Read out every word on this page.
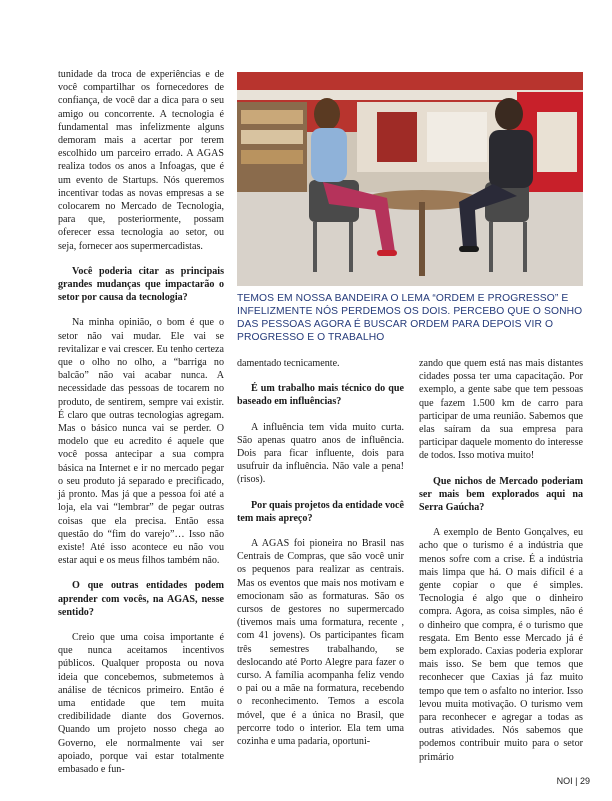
tunidade da troca de experiências e de você compartilhar os fornecedores de confiança, de você dar a dica para o seu amigo ou concorrente. A tecnologia é fundamental mas infelizmente alguns demoram mais a acertar por terem escolhido um parceiro errado. A AGAS realiza todos os anos a Infoagas, que é um evento de Startups. Nós queremos incentivar todas as novas empresas a se colocarem no Mercado de Tecnologia, para que, posteriormente, possam oferecer essa tecnologia ao setor, ou seja, fornecer aos supermercadistas.

Você poderia citar as principais grandes mudanças que impactarão o setor por causa da tecnologia?

Na minha opinião, o bom é que o setor não vai mudar. Ele vai se revitalizar e vai crescer. Eu tenho certeza que o olho no olho, a “barriga no balcão” não vai acabar nunca. A necessidade das pessoas de tocarem no produto, de sentirem, sempre vai existir. É claro que outras tecnologias agregam. Mas o básico nunca vai se perder. O modelo que eu acredito é aquele que você possa antecipar a sua compra básica na Internet e ir no mercado pegar o seu produto já separado e precificado, já pronto. Mas já que a pessoa foi até a loja, ela vai “lembrar” de pegar outras coisas que ela precisa. Então essa questão do “fim do varejo”… Isso não existe! Até isso acontece eu não vou estar aqui e os meus filhos também não.

O que outras entidades podem aprender com vocês, na AGAS, nesse sentido?

Creio que uma coisa importante é que nunca aceitamos incentivos públicos. Qualquer proposta ou nova ideia que concebemos, submetemos à análise de técnicos primeiro. Então é uma entidade que tem muita credibilidade diante dos Governos. Quando um projeto nosso chega ao Governo, ele normalmente vai ser apoiado, porque vai estar totalmente embasado e fun-

TEMOS EM NOSSA BANDEIRA O LEMA “ORDEM E PROGRESSO” E INFELIZMENTE NÓS PERDEMOS OS DOIS. PERCEBO QUE O SONHO DAS PESSOAS AGORA É BUSCAR ORDEM PARA DEPOIS VIR O PROGRESSO E O TRABALHO

damentado tecnicamente.

É um trabalho mais técnico do que baseado em influências?

A influência tem vida muito curta. São apenas quatro anos de influência. Dois para ficar influente, dois para usufruir da influência. Não vale a pena! (risos).

Por quais projetos da entidade você tem mais apreço?

A AGAS foi pioneira no Brasil nas Centrais de Compras, que são você unir os pequenos para realizar as centrais. Mas os eventos que mais nos motivam e emocionam são as formaturas. São os cursos de gestores no supermercado (tivemos mais uma formatura, recente , com 41 jovens). Os participantes ficam três semestres trabalhando, se deslocando até Porto Alegre para fazer o curso. A família acompanha feliz vendo o pai ou a mãe na formatura, recebendo o reconhecimento. Temos a escola móvel, que é a única no Brasil, que percorre todo o interior. Ela tem uma cozinha e uma padaria, oportuni-

zando que quem está nas mais distantes cidades possa ter uma capacitação. Por exemplo, a gente sabe que tem pessoas que fazem 1.500 km de carro para participar de uma reunião. Sabemos que elas saíram da sua empresa para participar daquele momento do interesse de todos. Isso motiva muito!

Que nichos de Mercado poderiam ser mais bem explorados aqui na Serra Gaúcha?

A exemplo de Bento Gonçalves, eu acho que o turismo é a indústria que menos sofre com a crise. É a indústria mais limpa que há. O mais difícil é a gente copiar o que é simples. Tecnologia é algo que o dinheiro compra. Agora, as coisa simples, não é o dinheiro que compra, é o turismo que resgata. Em Bento esse Mercado já é bem explorado. Caxias poderia explorar mais isso. Se bem que temos que reconhecer que Caxias já faz muito tempo que tem o asfalto no interior. Isso levou muita motivação. O turismo vem para reconhecer e agregar a todas as outras atividades. Nós sabemos que podemos contribuir muito para o setor primário

NOI | 29
